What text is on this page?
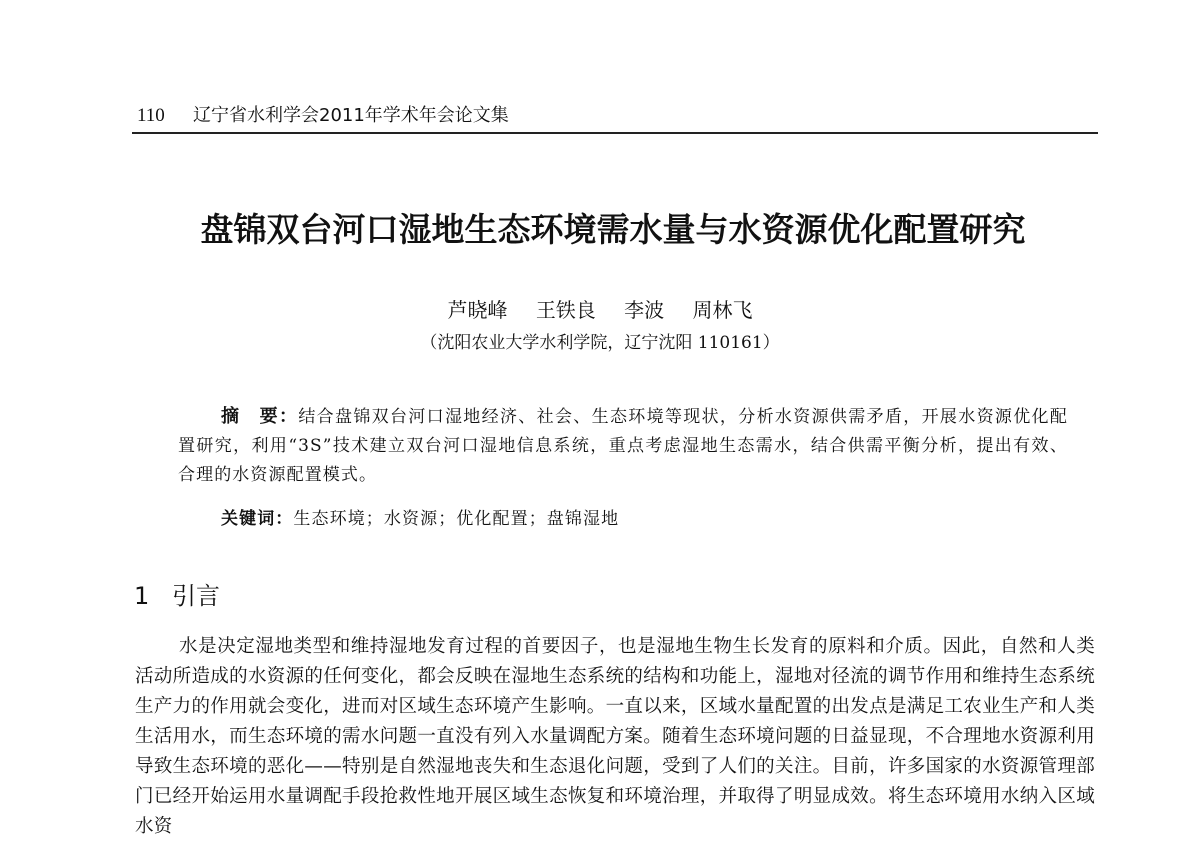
110 辽宁省水利学会2011年学术年会论文集
盘锦双台河口湿地生态环境需水量与水资源优化配置研究
芦晓峰 王铁良 李波 周林飞
（沈阳农业大学水利学院，辽宁沈阳 110161）
摘　要：结合盘锦双台河口湿地经济、社会、生态环境等现状，分析水资源供需矛盾，开展水资源优化配置研究，利用“3S”技术建立双台河口湿地信息系统，重点考虑湿地生态需水，结合供需平衡分析，提出有效、合理的水资源配置模式。
关键词：生态环境；水资源；优化配置；盘锦湿地
1 引言
水是决定湿地类型和维持湿地发育过程的首要因子，也是湿地生物生长发育的原料和介质。因此，自然和人类活动所造成的水资源的任何变化，都会反映在湿地生态系统的结构和功能上，湿地对径流的调节作用和维持生态系统生产力的作用就会变化，进而对区域生态环境产生影响。一直以来，区域水量配置的出发点是满足工农业生产和人类生活用水，而生态环境的需水问题一直没有列入水量调配方案。随着生态环境问题的日益显现，不合理地水资源利用导致生态环境的恶化——特别是自然湿地丧失和生态退化问题，受到了人们的关注。目前，许多国家的水资源管理部门已经开始运用水量调配手段抢救性地开展区域生态恢复和环境治理，并取得了明显成效。将生态环境用水纳入区域水资
